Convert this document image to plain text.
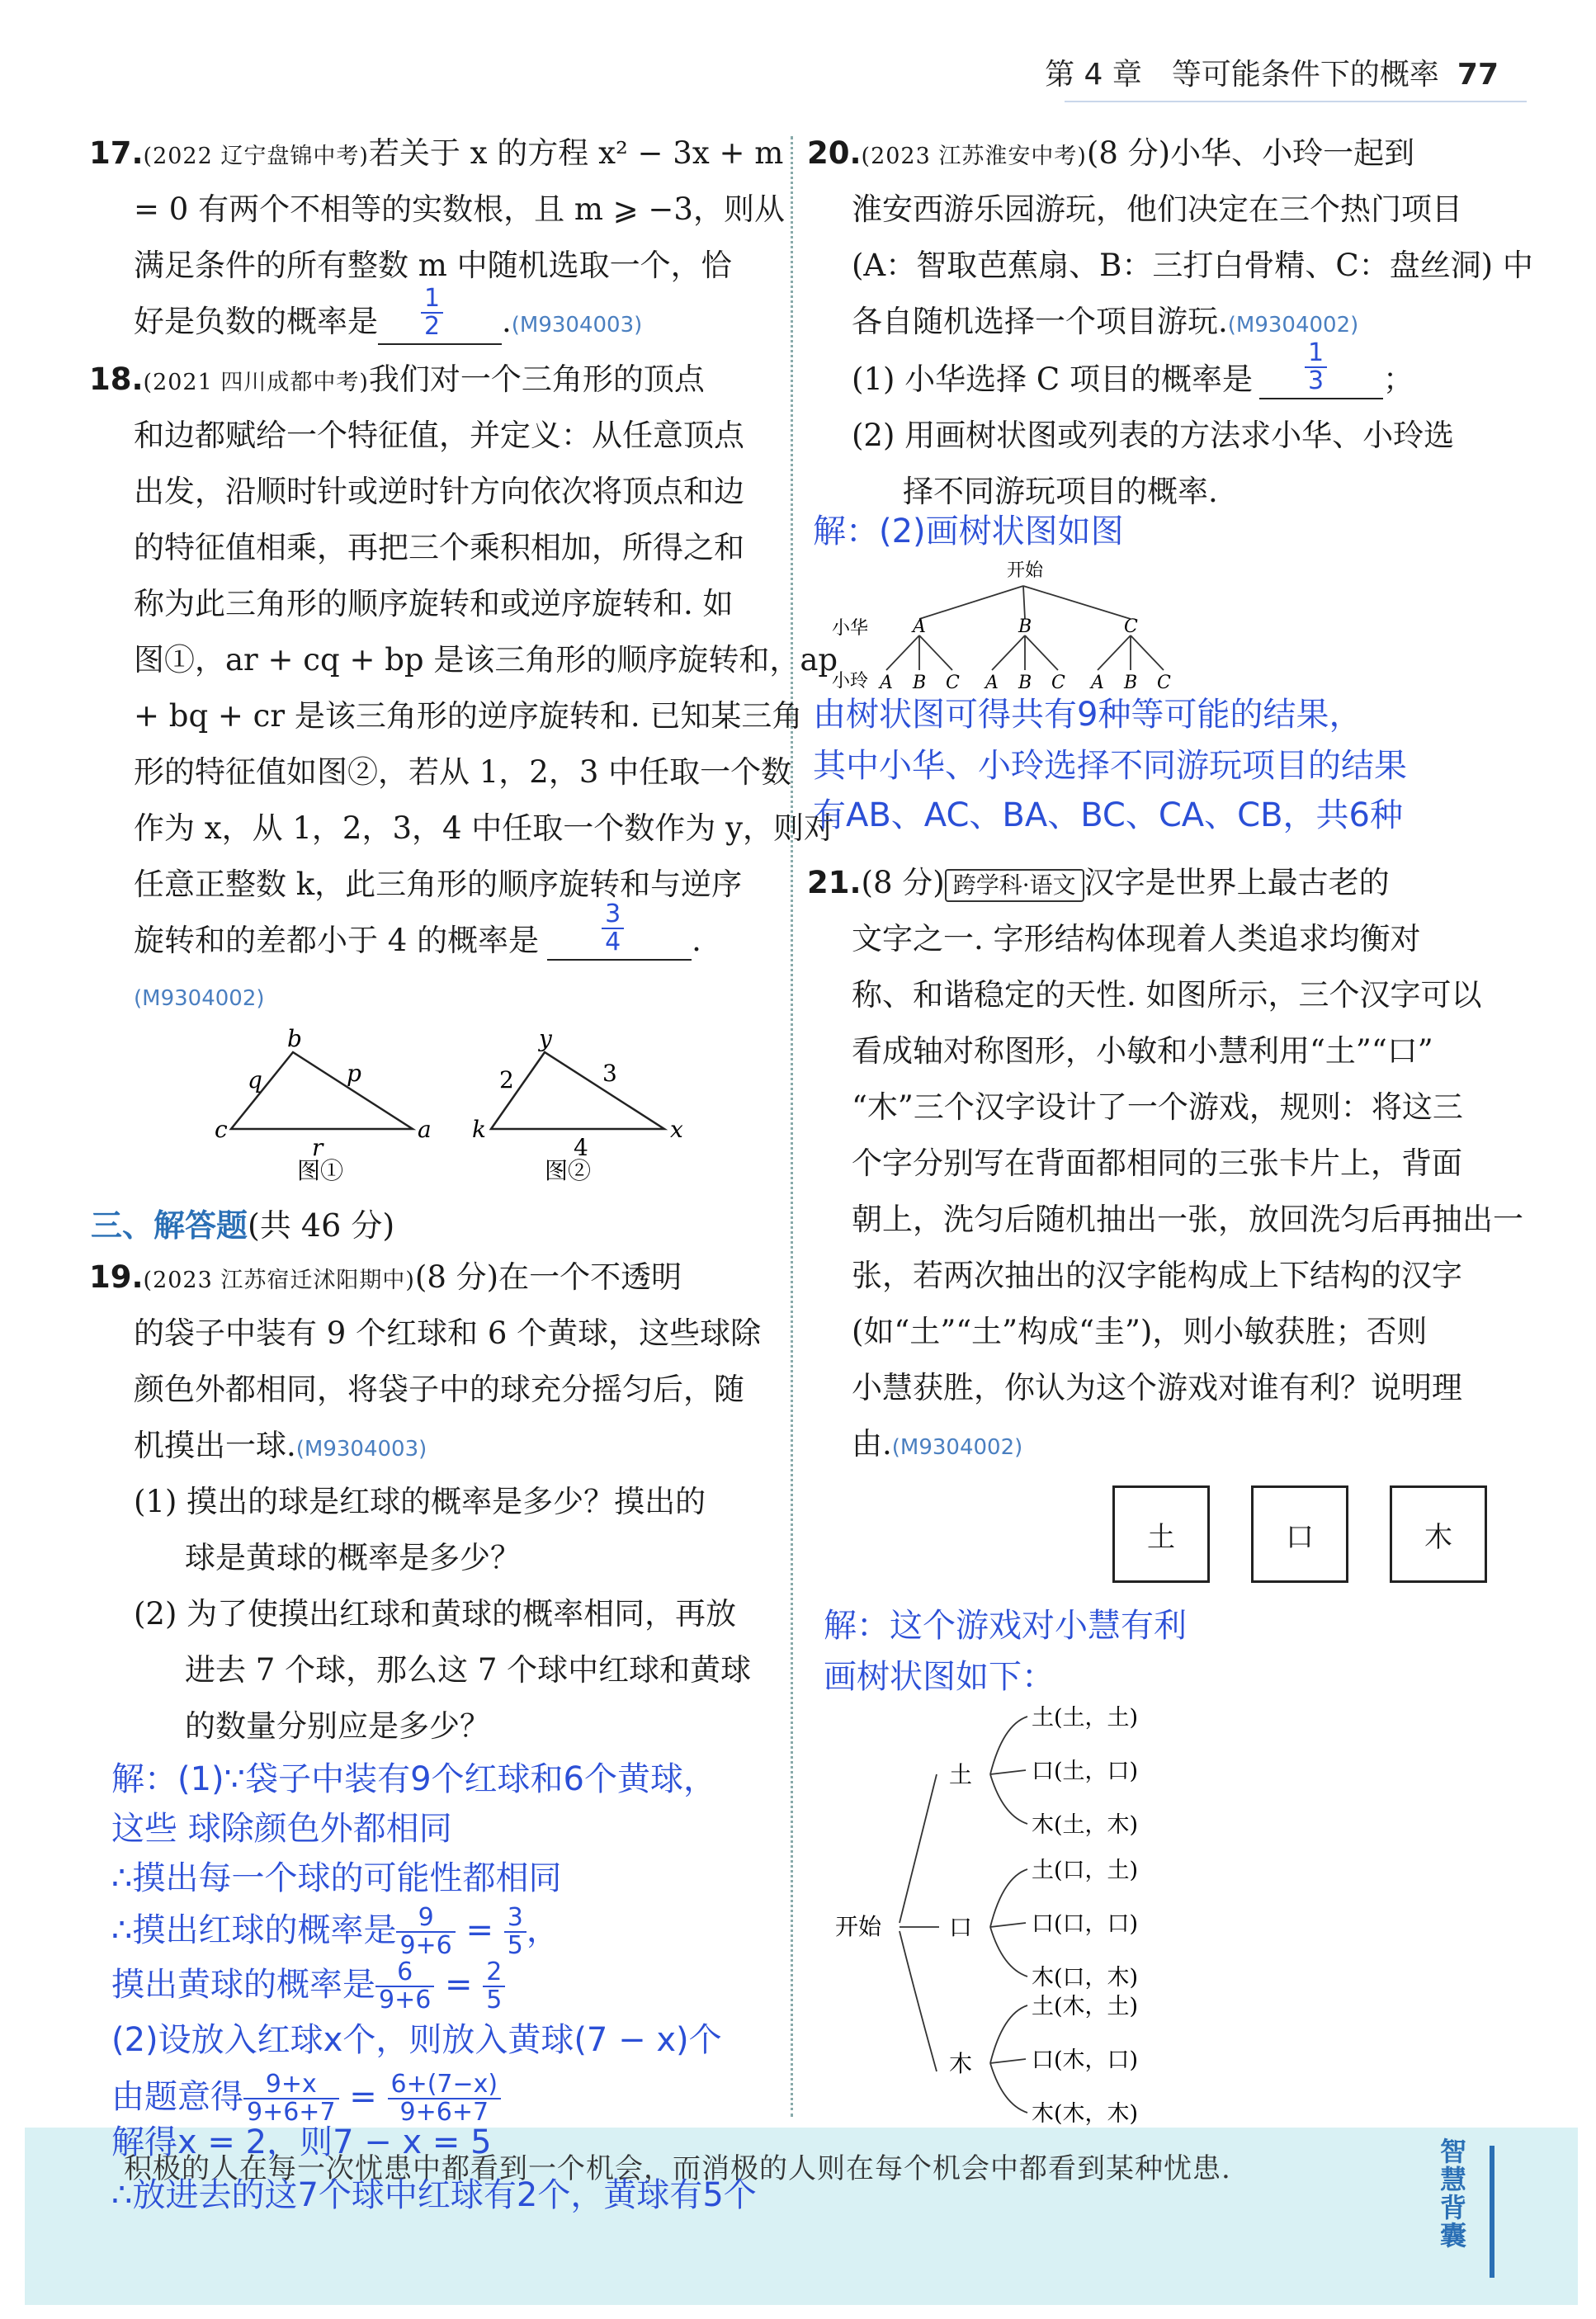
第 4 章　等可能条件下的概率 77
17.(2022 辽宁盘锦中考)若关于 x 的方程 x² − 3x + m
= 0 有两个不相等的实数根，且 m ⩾ −3，则从
满足条件的所有整数 m 中随机选取一个，恰
好是负数的概率是 $\frac{1}{2} .(M9304003)$
18.(2021 四川成都中考)我们对一个三角形的顶点
和边都赋给一个特征值，并定义：从任意顶点
出发，沿顺时针或逆时针方向依次将顶点和边
的特征值相乘，再把三个乘积相加，所得之和
称为此三角形的顺序旋转和或逆序旋转和. 如
图①，ar + cq + bp 是该三角形的顺序旋转和，ap
+ bq + cr 是该三角形的逆序旋转和. 已知某三角
形的特征值如图②，若从 1，2，3 中任取一个数
作为 x，从 1，2，3，4 中任取一个数作为 y，则对
任意正整数 k，此三角形的顺序旋转和与逆序
旋转和的差都小于 4 的概率是	$\frac{3}{4}$ .
(M9304002)
b
q	p
c
r
a
图①
y
2	3
k
4
x
图②
三、解答题(共 46 分)
19.(2023 江苏宿迁沭阳期中)(8 分)在一个不透明
的袋子中装有 9 个红球和 6 个黄球，这些球除
颜色外都相同，将袋子中的球充分摇匀后，随
机摸出一球.(M9304003)
(1) 摸出的球是红球的概率是多少？摸出的
球是黄球的概率是多少？
(2) 为了使摸出红球和黄球的概率相同，再放
进去 7 个球，那么这 7 个球中红球和黄球
的数量分别应是多少？
解：(1)∵袋子中装有9个红球和6个黄球，
这些 球除颜色外都相同
∴摸出每一个球的可能性都相同
∴摸出红球的概率是 $\frac{9}{9+6} = \frac{3}{5}$ ，
摸出黄球的概率是 $\frac{6}{9+6} = \frac{2}{5}$
(2)设放入红球x个，则放入黄球(7 − x)个
由题意得 $\frac{9+x}{9+6+7} = \frac{6+(7-x)}{9+6+7}$
20.(2023 江苏淮安中考)(8 分)小华、小玲一起到
淮安西游乐园游玩，他们决定在三个热门项目
(A：智取芭蕉扇、B：三打白骨精、C：盘丝洞) 中
各自随机选择一个项目游玩.(M9304002)
(1) 小华选择 C 项目的概率是 $\frac{1}{3}$ ；
(2) 用画树状图或列表的方法求小华、小玲选
择不同游玩项目的概率.
解：(2)画树状图如图
开始
小华
小玲
A	B	C
A B C A B C A B C
由树状图可得共有9种等可能的结果，
其中小华、小玲选择不同游玩项目的结果
有AB、AC、BA、BC、CA、CB，共6种
21.(8 分) 跨学科·语文 汉字是世界上最古老的
文字之一. 字形结构体现着人类追求均衡对
称、和谐稳定的天性. 如图所示，三个汉字可以
看成轴对称图形，小敏和小慧利用“土”“口”
“木”三个汉字设计了一个游戏，规则：将这三
个字分别写在背面都相同的三张卡片上，背面
朝上，洗匀后随机抽出一张，放回洗匀后再抽出一
张，若两次抽出的汉字能构成上下结构的汉字
(如“土”“土”构成“圭”)，则小敏获胜；否则
小慧获胜，你认为这个游戏对谁有利？说明理
由.(M9304002)
土	口	木
解：这个游戏对小慧有利
画树状图如下：
开始
土
口
木
土(土，土)
口(土，口)
木(土，木)
土(口，土)
口(口，口)
木(口，木)
土(木，土)
口(木，口)
木(木，木)
积极的人在每一次忧患中都看到一个机会，而消极的人则在每个机会中都看到某种忧患.
智慧背囊
解得x = 2，则7 − x = 5
∴放进去的这7个球中红球有2个，黄球有5个
